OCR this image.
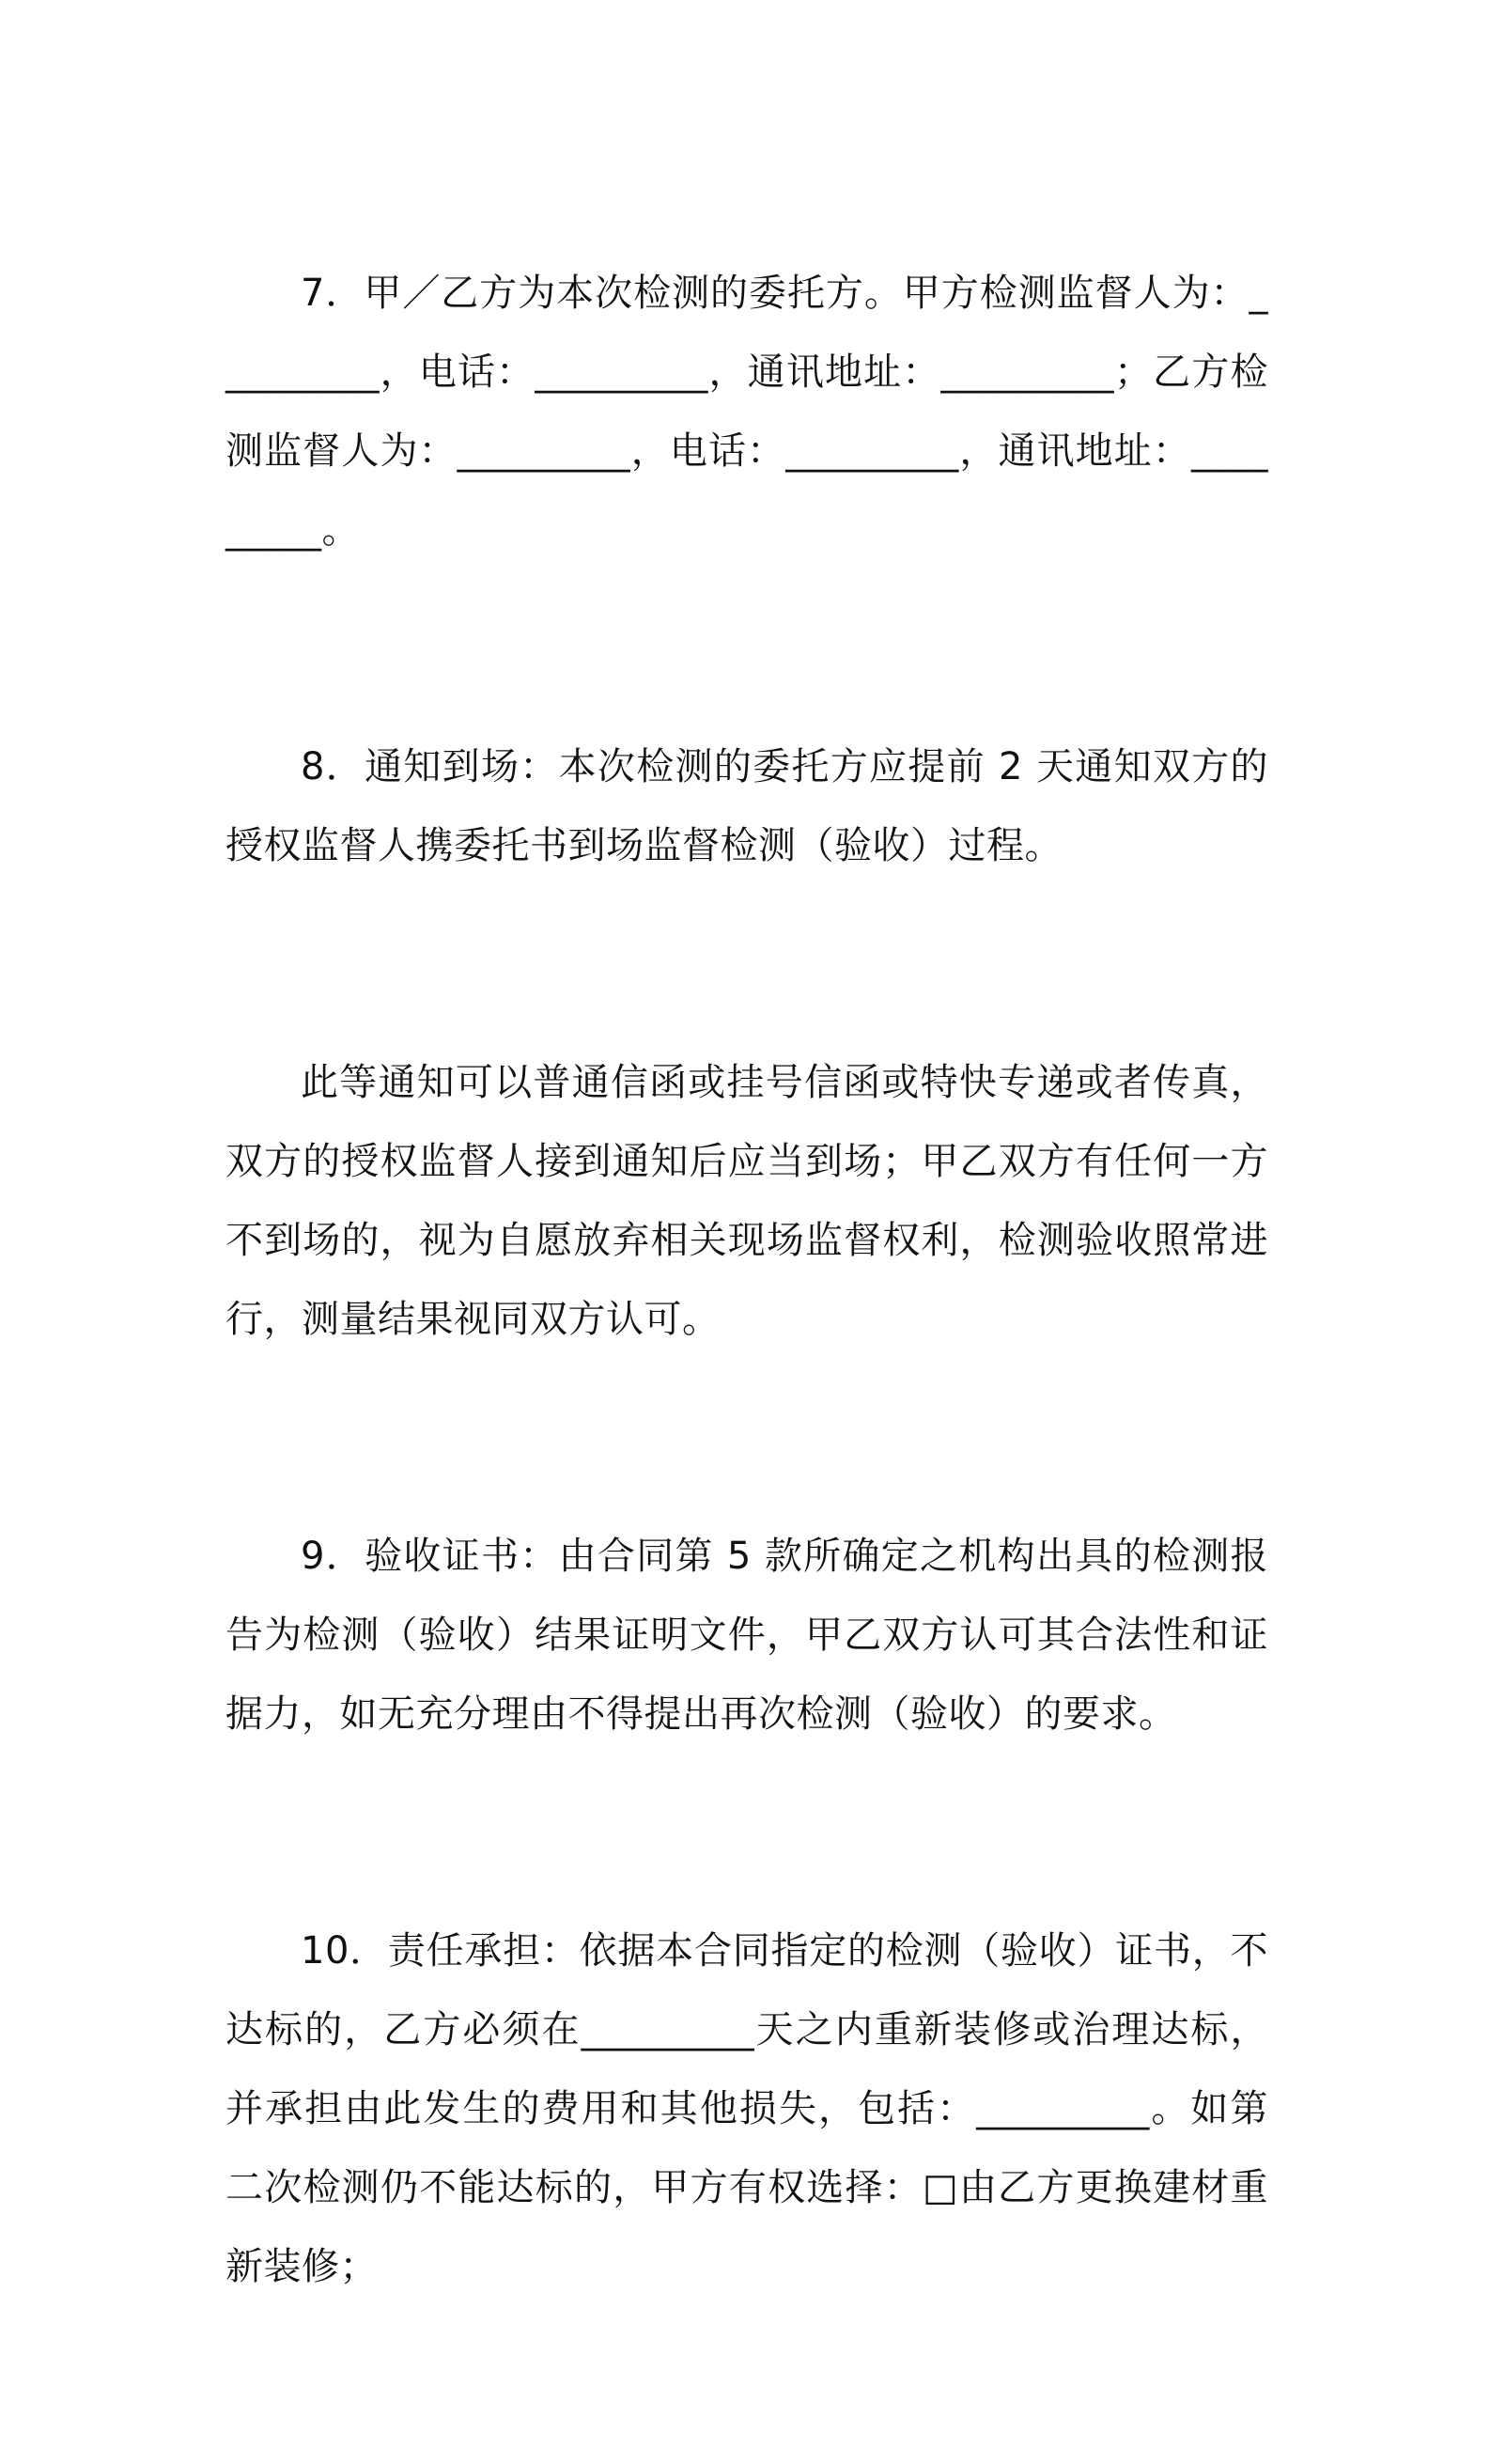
7．甲／乙方为本次检测的委托方。甲方检测监督人为：_________，电话：_________，通讯地址：_________；乙方检测监督人为：_________，电话：_________，通讯地址：_________。

8．通知到场：本次检测的委托方应提前 2 天通知双方的授权监督人携委托书到场监督检测（验收）过程。

此等通知可以普通信函或挂号信函或特快专递或者传真，双方的授权监督人接到通知后应当到场；甲乙双方有任何一方不到场的，视为自愿放弃相关现场监督权利，检测验收照常进行，测量结果视同双方认可。

9．验收证书：由合同第 5 款所确定之机构出具的检测报告为检测（验收）结果证明文件，甲乙双方认可其合法性和证据力，如无充分理由不得提出再次检测（验收）的要求。

10．责任承担：依据本合同指定的检测（验收）证书，不达标的，乙方必须在_________天之内重新装修或治理达标，并承担由此发生的费用和其他损失，包括：_________。如第二次检测仍不能达标的，甲方有权选择：□由乙方更换建材重新装修；
